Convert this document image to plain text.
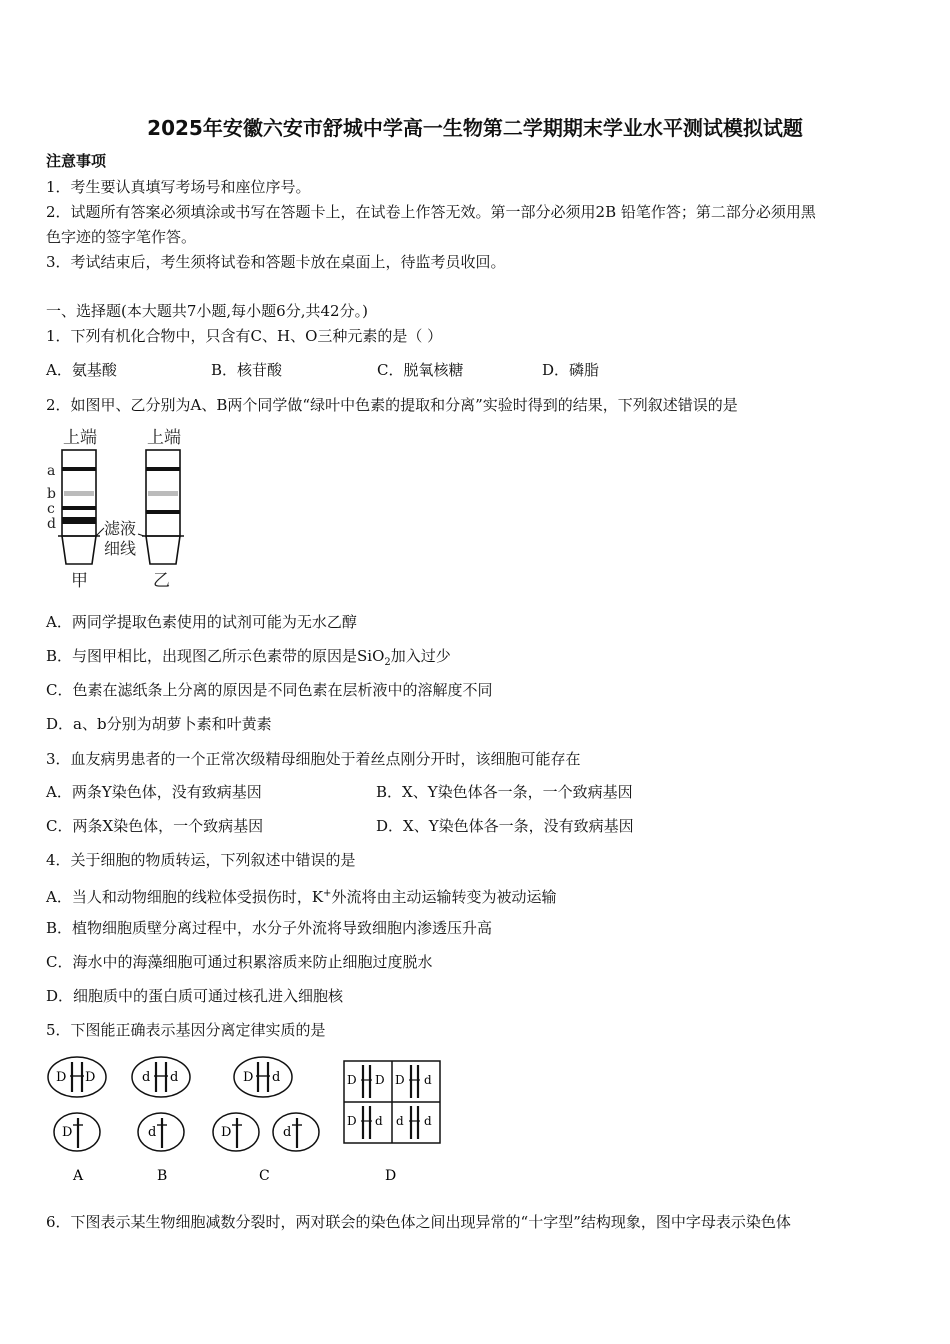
2025年安徽六安市舒城中学高一生物第二学期期末学业水平测试模拟试题
注意事项
1．考生要认真填写考场号和座位序号。
2．试题所有答案必须填涂或书写在答题卡上，在试卷上作答无效。第一部分必须用2B 铅笔作答；第二部分必须用黑
色字迹的签字笔作答。
3．考试结束后，考生须将试卷和答题卡放在桌面上，待监考员收回。
一、选择题(本大题共7小题,每小题6分,共42分。)
1．下列有机化合物中，只含有C、H、O三种元素的是（ ）
A．氨基酸	B．核苷酸	C．脱氧核糖	D．磷脂
2．如图甲、乙分别为A、B两个同学做“绿叶中色素的提取和分离”实验时得到的结果，下列叙述错误的是
上端	上端
a
b
c
d	滤液
细线
甲	乙
A．两同学提取色素使用的试剂可能为无水乙醇
B．与图甲相比，出现图乙所示色素带的原因是SiO$_2$加入过少
C．色素在滤纸条上分离的原因是不同色素在层析液中的溶解度不同
D．a、b分别为胡萝卜素和叶黄素
3．血友病男患者的一个正常次级精母细胞处于着丝点刚分开时，该细胞可能存在
A．两条Y染色体，没有致病基因	B．X、Y染色体各一条，一个致病基因
C．两条X染色体，一个致病基因	D．X、Y染色体各一条，没有致病基因
4．关于细胞的物质转运，下列叙述中错误的是
A．当人和动物细胞的线粒体受损伤时，K+外流将由主动运输转变为被动运输
B．植物细胞质壁分离过程中，水分子外流将导致细胞内渗透压升高
C．海水中的海藻细胞可通过积累溶质来防止细胞过度脱水
D．细胞质中的蛋白质可通过核孔进入细胞核
5．下图能正确表示基因分离定律实质的是
D D
D
A
d d
d
B
D d
D	d
C
D D D d
D d d d
D
6．下图表示某生物细胞减数分裂时，两对联会的染色体之间出现异常的“十字型”结构现象，图中字母表示染色体
